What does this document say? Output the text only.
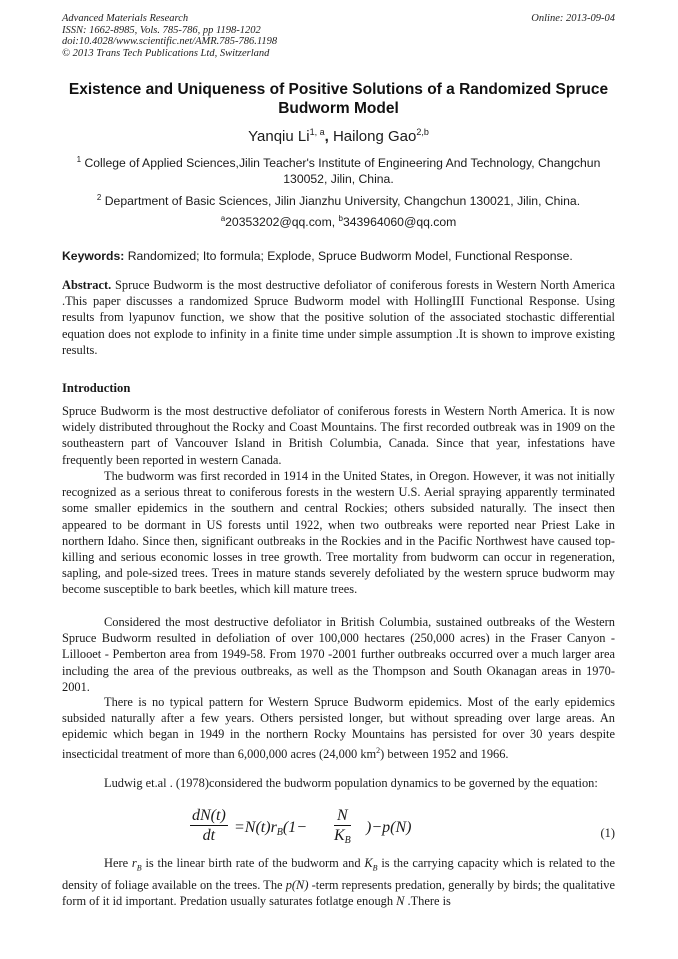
Advanced Materials Research
ISSN: 1662-8985, Vols. 785-786, pp 1198-1202
doi:10.4028/www.scientific.net/AMR.785-786.1198
© 2013 Trans Tech Publications Ltd, Switzerland
Online: 2013-09-04
Existence and Uniqueness of Positive Solutions of a Randomized Spruce Budworm Model
Yanqiu Li$^{1, a}$, Hailong Gao$^{2,b}$
$^1$ College of Applied Sciences,Jilin Teacher's Institute of Engineering And Technology, Changchun 130052, Jilin, China.
$^2$ Department of Basic Sciences, Jilin Jianzhu University, Changchun 130021, Jilin, China.
$^a$20353202@qq.com, $^b$343964060@qq.com
Keywords: Randomized; Ito formula; Explode, Spruce Budworm Model, Functional Response.
Abstract. Spruce Budworm is the most destructive defoliator of coniferous forests in Western North America .This paper discusses a randomized Spruce Budworm model with HollingIII Functional Response. Using results from lyapunov function, we show that the positive solution of the associated stochastic differential equation does not explode to infinity in a finite time under simple assumption .It is shown to improve existing results.
Introduction

Spruce Budworm is the most destructive defoliator of coniferous forests in Western North America. It is now widely distributed throughout the Rocky and Coast Mountains. The first recorded outbreak was in 1909 on the southeastern part of Vancouver Island in British Columbia, Canada. Since that year, infestations have frequently been reported in western Canada.

The budworm was first recorded in 1914 in the United States, in Oregon. However, it was not initially recognized as a serious threat to coniferous forests in the western U.S. Aerial spraying apparently terminated some smaller epidemics in the southern and central Rockies; others subsided naturally. The insect then appeared to be dormant in US forests until 1922, when two outbreaks were reported near Priest Lake in northern Idaho. Since then, significant outbreaks in the Rockies and in the Pacific Northwest have caused top-killing and serious economic losses in tree growth. Tree mortality from budworm can occur in regeneration, sapling, and pole-sized trees. Trees in mature stands severely defoliated by the western spruce budworm may become susceptible to bark beetles, which kill mature trees.

Considered the most destructive defoliator in British Columbia, sustained outbreaks of the Western Spruce Budworm resulted in defoliation of over 100,000 hectares (250,000 acres) in the Fraser Canyon - Lillooet - Pemberton area from 1949-58. From 1970 -2001 further outbreaks occurred over a much larger area including the area of the previous outbreaks, as well as the Thompson and South Okanagan areas in 1970-2001.

There is no typical pattern for Western Spruce Budworm epidemics. Most of the early epidemics subsided naturally after a few years. Others persisted longer, but without spreading over large areas. An epidemic which began in 1949 in the northern Rocky Mountains has persisted for over 30 years despite insecticidal treatment of more than 6,000,000 acres (24,000 $km^2$) between 1952 and 1966.

Ludwig et.al . (1978)considered the budworm population dynamics to be governed by the equation:

$\frac{dN(t)}{dt} =N(t)r_B(1- \frac{N}{K_B} )-p(N)$	(1)

Here $r_B$ is the linear birth rate of the budworm and $K_B$ is the carrying capacity which is related to the density of foliage available on the trees. The p(N) -term represents predation, generally by birds; the qualitative form of it id important. Predation usually saturates fotlatge enough N .There is
